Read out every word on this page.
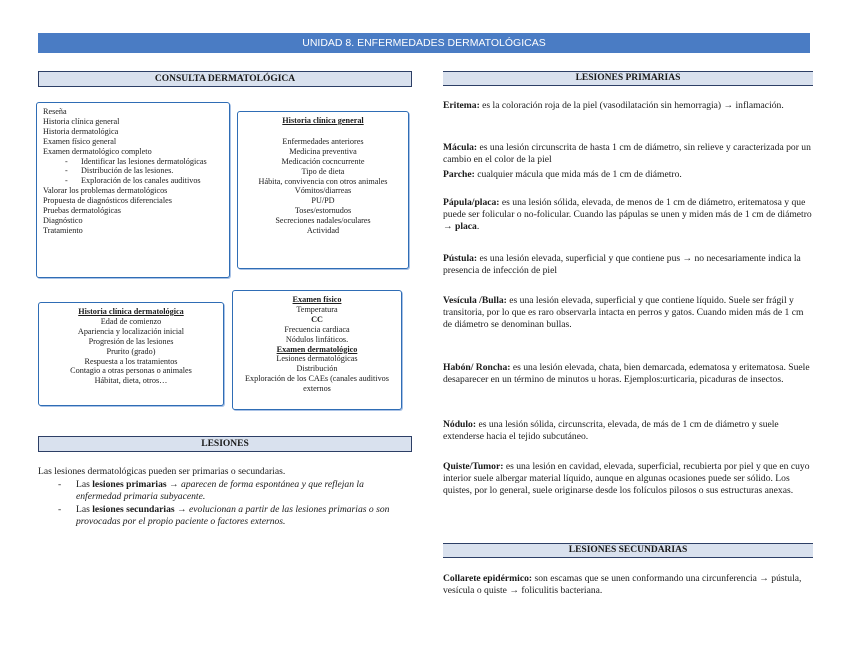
UNIDAD 8. ENFERMEDADES DERMATOLÓGICAS
CONSULTA DERMATOLÓGICA
Reseña
Historia clínica general
Historia dermatológica
Examen físico general
Examen dermatológico completo
-	Identificar las lesiones dermatológicas
-	Distribución de las lesiones.
-	Exploración de los canales auditivos
Valorar los problemas dermatológicos
Propuesta de diagnósticos diferenciales
Pruebas dermatológicas
Diagnóstico
Tratamiento
Historia clínica general
Enfermedades anteriores
Medicina preventiva
Medicación cocncurrente
Tipo de dieta
Hábita, convivencia con otros animales
Vómitos/diarreas
PU/PD
Toses/estornudos
Secreciones nadales/oculares
Actividad
Historia clínica dermatológica
Edad de comienzo
Apariencia y localización inicial
Progresión de las lesiones
Prurito (grado)
Respuesta a los tratamientos
Contagio a otras personas o animales
Hábitat, dieta, otros…
Examen físico
Temperatura
CC
Frecuencia cardiaca
Nódulos linfáticos.
Examen dermatológico
Lesiones dermatológicas
Distribución
Exploración de los CAEs (canales auditivos externos
LESIONES
Las lesiones dermatológicas pueden ser primarias o secundarias.
-	Las lesiones primarias → aparecen de forma espontánea y que reflejan la enfermedad primaria subyacente.
-	Las lesiones secundarias → evolucionan a partir de las lesiones primarias o son provocadas por el propio paciente o factores externos.
LESIONES PRIMARIAS
Eritema: es la coloración roja de la piel (vasodilatación sin hemorragia) → inflamación.
Mácula: es una lesión circunscrita de hasta 1 cm de diámetro, sin relieve y caracterizada por un cambio en el color de la piel
Parche: cualquier mácula que mida más de 1 cm de diámetro.
Pápula/placa: es una lesión sólida, elevada, de menos de 1 cm de diámetro, eritematosa y que puede ser folicular o no-folicular. Cuando las pápulas se unen y miden más de 1 cm de diámetro → placa.
Pústula: es una lesión elevada, superficial y que contiene pus → no necesariamente indica la presencia de infección de piel
Vesícula /Bulla: es una lesión elevada, superficial y que contiene líquido. Suele ser frágil y transitoria, por lo que es raro observarla intacta en perros y gatos. Cuando miden más de 1 cm de diámetro se denominan bullas.
Habón/ Roncha: es una lesión elevada, chata, bien demarcada, edematosa y eritematosa. Suele desaparecer en un término de minutos u horas. Ejemplos:urticaria, picaduras de insectos.
Nódulo: es una lesión sólida, circunscrita, elevada, de más de 1 cm de diámetro y suele extenderse hacia el tejido subcutáneo.
Quiste/Tumor: es una lesión en cavidad, elevada, superficial, recubierta por piel y que en cuyo interior suele albergar material líquido, aunque en algunas ocasiones puede ser sólido. Los quistes, por lo general, suele originarse desde los folículos pilosos o sus estructuras anexas.
LESIONES SECUNDARIAS
Collarete epidérmico: son escamas que se unen conformando una circunferencia → pústula, vesícula o quiste → foliculitis bacteriana.
